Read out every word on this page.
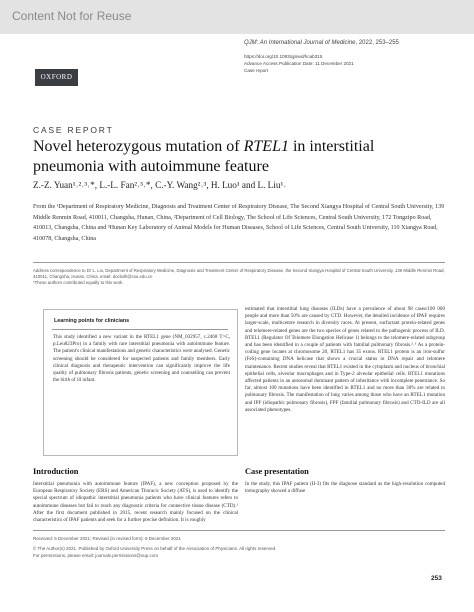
Content Not for Reuse
OXFORD
QJM: An International Journal of Medicine, 2022, 253–255
https://doi.org/10.1093/qjmed/hcab315
Advance Access Publication Date: 11 December 2021
Case report
CASE REPORT
Novel heterozygous mutation of RTEL1 in interstitial pneumonia with autoimmune feature
Z.-Z. Yuan¹˒²˒³˒*, L.-L. Fan²˒³˒*, C.-Y. Wang²˒³, H. Luo¹ and L. Liu¹˒
From the ¹Department of Respiratory Medicine, Diagnosis and Treatment Center of Respiratory Disease, The Second Xiangya Hospital of Central South University, 139 Middle Renmin Road, 410011, Changsha, Hunan, China, ²Department of Cell Biology, The School of Life Sciences, Central South University, 172 Tongzipo Road, 410013, Changsha, China and ³Hunan Key Laboratory of Animal Models for Human Diseases, School of Life Sciences, Central South University, 110 Xiangya Road, 410078, Changsha, China
Address correspondence to Dr L. Liu, Department of Respiratory Medicine, Diagnosis and Treatment Center of Respiratory Disease, the Second Xiangya Hospital of Central South University, 139 Middle Renmin Road, 410011, Changsha, Hunan, China. email: docliulh@csu.edu.cn
*These authors contributed equally to this work.
Learning points for clinicians
This study identified a new variant in the RTEL1 gene (NM_032957, c.2468 T>C, p.Leu823Pro) in a family with rare interstitial pneumonia with autoimmune feature. The patient's clinical manifestations and genetic characteristics were analysed. Genetic screening should be considered for suspected patients and family members. Early clinical diagnosis and therapeutic intervention can significantly improve the life quality of pulmonary fibrosis patients, genetic screening and counselling can prevent the birth of ill infant.
Introduction
Interstitial pneumonia with autoimmune feature (IPAF), a new conception proposed by the European Respiratory Society (ERS) and American Thoracic Society (ATS), is used to identify the special spectrum of idiopathic interstitial pneumonia patients who have clinical features refers to autoimmune diseases but fail to reach any diagnostic criteria for connective tissue disease (CTD).¹ After the first document published in 2015, recent research mainly focused on the clinical characteristics of IPAF patients and seek for a further precise definition. It is roughly
estimated that interstitial lung diseases (ILDs) have a prevalence of about 98 cases/100 000 people and more than 50% are caused by CTD. However, the detailed incidence of IPAF requires larger-scale, multicentre research in diversity races. At present, surfactant protein-related genes and telomere-related genes are the two species of genes related to the pathogenic process of ILD. RTEL1 (Regulator Of Telomere Elongation Helicase 1) belongs to the telomere-related subgroup and has been identified in a couple of patients with familial pulmonary fibrosis.²˒³ As a protein-coding gene locates at chromosome 20, RTEL1 has 35 exons. RTEL1 protein is an iron-sulfur (FeS)-containing DNA helicase that shows a crucial status in DNA repair and telomere maintenance. Recent studies reveal that RTEL1 existed in the cytoplasm and nucleus of bronchial epithelial cells, alveolar macrophages and in Type-2 alveolar epithelial cells. RTEL1 mutations affected patients in an autosomal dominant pattern of inheritance with incomplete penetrance. So far, almost 100 mutations have been identified in RTEL1 and no more than 30% are related to pulmonary fibrosis. The manifestation of lung varies among those who have an RTEL1 mutation and IPF (idiopathic pulmonary fibrosis), FPF (familial pulmonary fibrosis) and CTD-ILD are all associated phenotypes.
Case presentation
In the study, this IPAF patient (II-3) fits the diagnose standard as the high-resolution computed tomography showed a diffuse
Received: 5 December 2021; Revised (in revised form): 6 December 2021
© The Author(s) 2021. Published by Oxford University Press on behalf of the Association of Physicians. All rights reserved.
For permissions, please email: journals.permissions@oup.com
253
